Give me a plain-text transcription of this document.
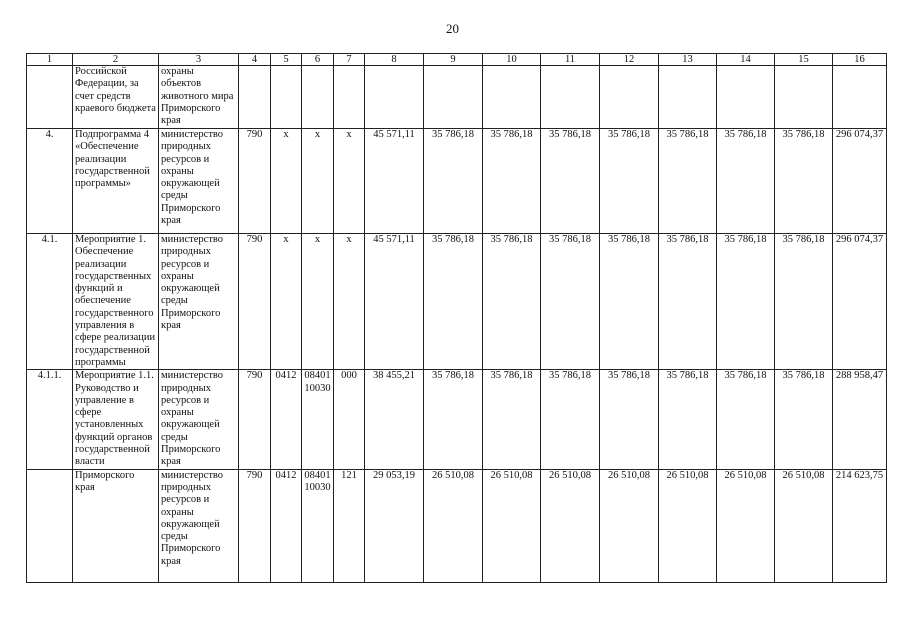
20
1	2	3	4	5	6	7	8	9	10	11	12	13	14	15	16
	Российской Федерации, за счет средств краевого бюджета	охраны объектов животного мира Приморского края													
4.	Подпрограмма 4 «Обеспечение реализации государственной программы»	министерство природных ресурсов и охраны окружающей среды Приморского края	790	х	х	х	45 571,11	35 786,18	35 786,18	35 786,18	35 786,18	35 786,18	35 786,18	35 786,18	296 074,37
4.1.	Мероприятие 1. Обеспечение реализации государственных функций и обеспечение государственного управления в сфере реализации государственной программы	министерство природных ресурсов и охраны окружающей среды Приморского края	790	х	х	х	45 571,11	35 786,18	35 786,18	35 786,18	35 786,18	35 786,18	35 786,18	35 786,18	296 074,37
4.1.1.	Мероприятие 1.1. Руководство и управление в сфере установленных функций органов государственной власти	министерство природных ресурсов и охраны окружающей среды Приморского края	790	0412	08401 10030	000	38 455,21	35 786,18	35 786,18	35 786,18	35 786,18	35 786,18	35 786,18	35 786,18	288 958,47
	Приморского края	министерство природных ресурсов и охраны окружающей среды Приморского края	790	0412	08401 10030	121	29 053,19	26 510,08	26 510,08	26 510,08	26 510,08	26 510,08	26 510,08	26 510,08	214 623,75
